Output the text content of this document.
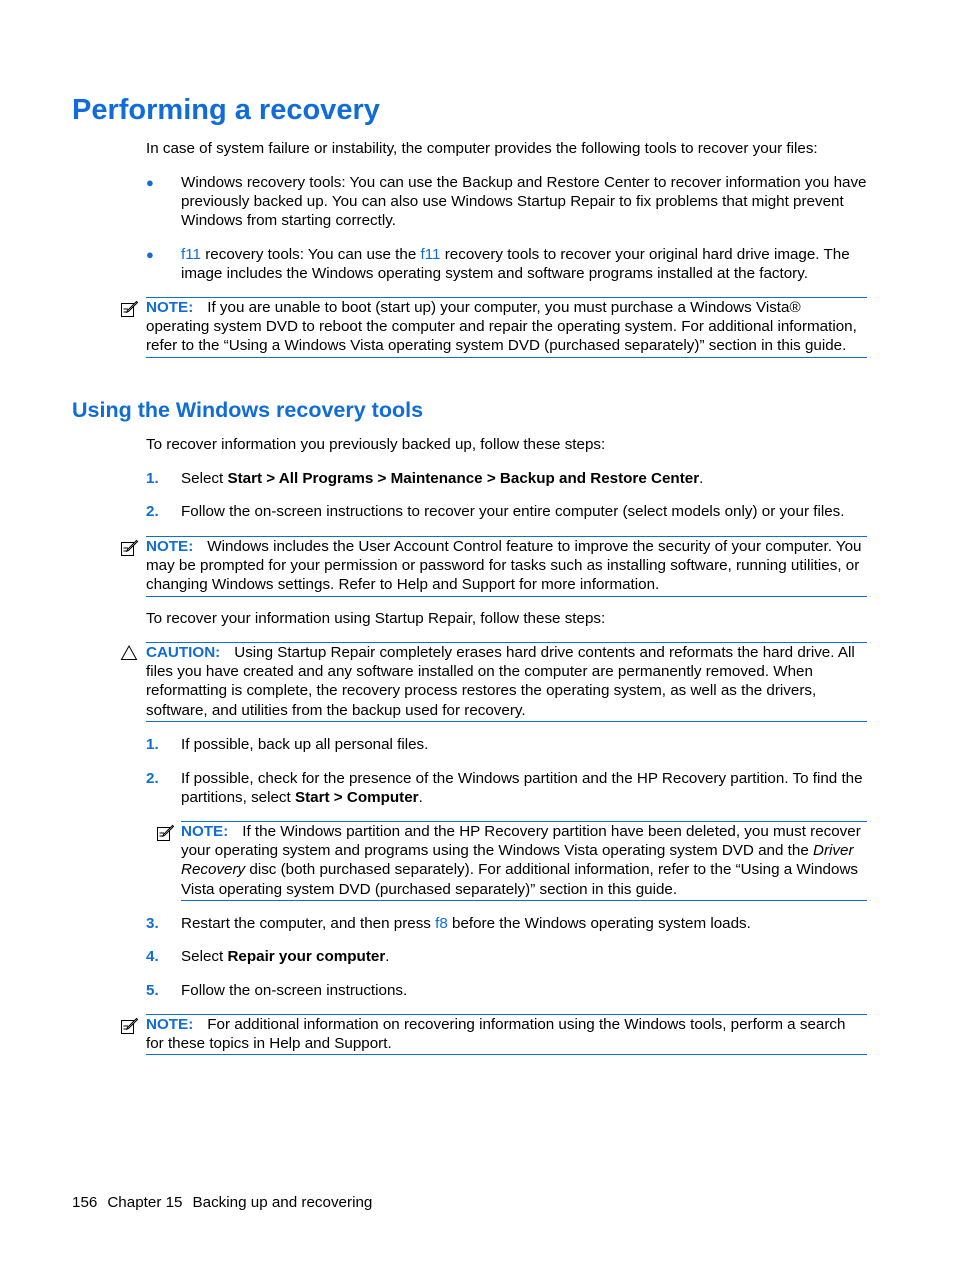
Performing a recovery

In case of system failure or instability, the computer provides the following tools to recover your files:

●	Windows recovery tools: You can use the Backup and Restore Center to recover information you have previously backed up. You can also use Windows Startup Repair to fix problems that might prevent Windows from starting correctly.
●	f11 recovery tools: You can use the f11 recovery tools to recover your original hard drive image. The image includes the Windows operating system and software programs installed at the factory.
NOTE: If you are unable to boot (start up) your computer, you must purchase a Windows Vista® operating system DVD to reboot the computer and repair the operating system. For additional information, refer to the “Using a Windows Vista operating system DVD (purchased separately)” section in this guide.
Using the Windows recovery tools

To recover information you previously backed up, follow these steps:

1.	Select Start > All Programs > Maintenance > Backup and Restore Center.
2.	Follow the on-screen instructions to recover your entire computer (select models only) or your files.
NOTE: Windows includes the User Account Control feature to improve the security of your computer. You may be prompted for your permission or password for tasks such as installing software, running utilities, or changing Windows settings. Refer to Help and Support for more information.

To recover your information using Startup Repair, follow these steps:

CAUTION: Using Startup Repair completely erases hard drive contents and reformats the hard drive. All files you have created and any software installed on the computer are permanently removed. When reformatting is complete, the recovery process restores the operating system, as well as the drivers, software, and utilities from the backup used for recovery.
1.	If possible, back up all personal files.
2.	If possible, check for the presence of the Windows partition and the HP Recovery partition. To find the partitions, select Start > Computer.
NOTE: If the Windows partition and the HP Recovery partition have been deleted, you must recover your operating system and programs using the Windows Vista operating system DVD and the Driver Recovery disc (both purchased separately). For additional information, refer to the “Using a Windows Vista operating system DVD (purchased separately)” section in this guide.
3.	Restart the computer, and then press f8 before the Windows operating system loads.
4.	Select Repair your computer.
5.	Follow the on-screen instructions.
NOTE: For additional information on recovering information using the Windows tools, perform a search for these topics in Help and Support.
156 Chapter 15 Backing up and recovering
